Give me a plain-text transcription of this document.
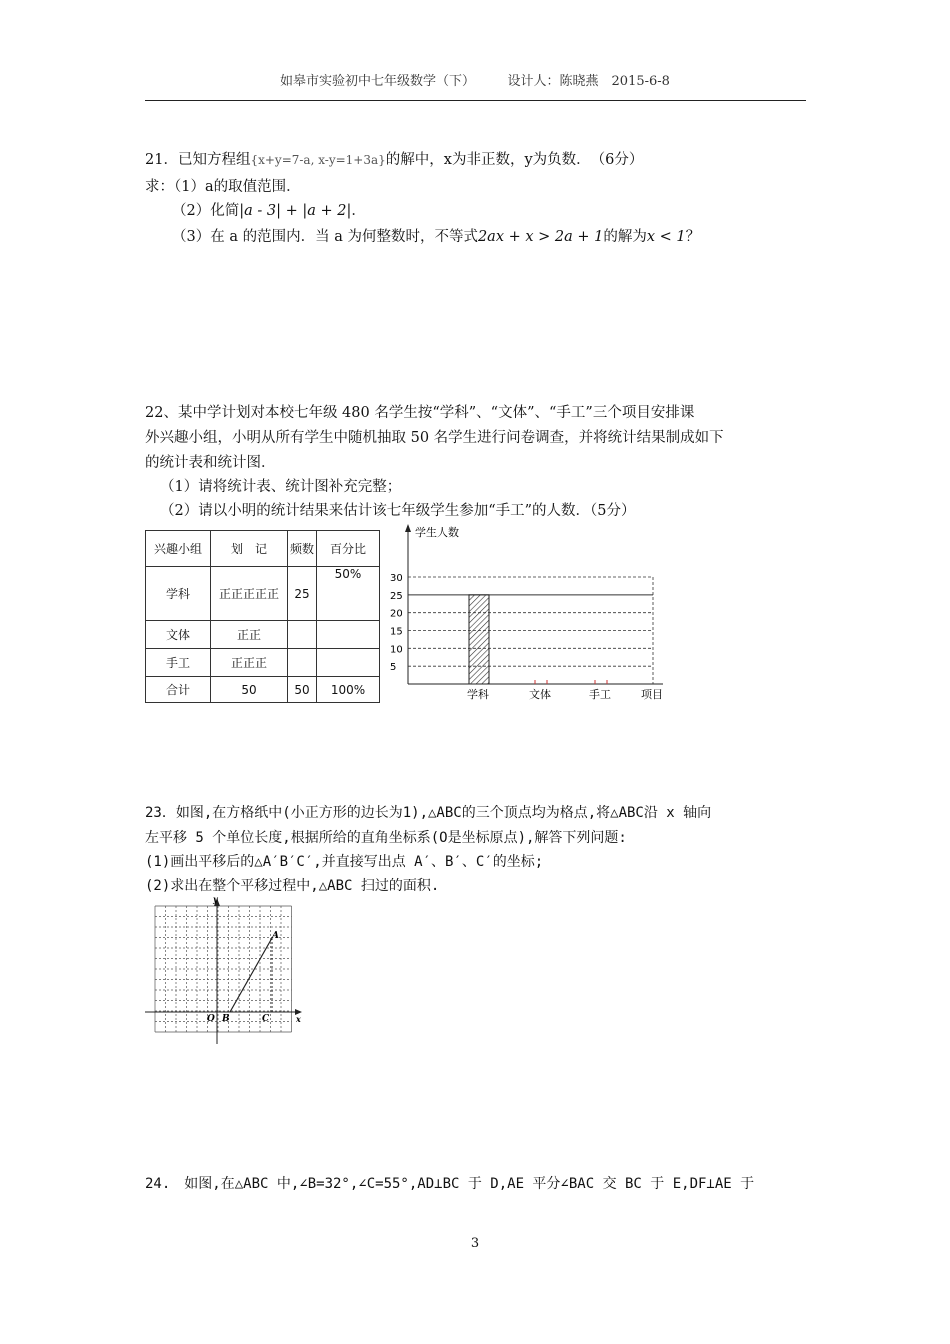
如皋市实验初中七年级数学（下）　　　设计人：陈晓燕　2015-6-8
21．已知方程组{x+y=7-a, x-y=1+3a}的解中，x为非正数，y为负数．　（6分）
求：（1）a的取值范围．
（2）化简|a - 3| + |a + 2|．
（3）在 a 的范围内．当 a 为何整数时，不等式2ax + x > 2a + 1的解为x < 1？
22、某中学计划对本校七年级 480 名学生按“学科”、“文体”、“手工”三个项目安排课
外兴趣小组，小明从所有学生中随机抽取 50 名学生进行问卷调查，并将统计结果制成如下
的统计表和统计图．
（1）请将统计表、统计图补充完整；
（2）请以小明的统计结果来估计该七年级学生参加“手工”的人数．（5分）
兴趣小组	划　记	频数	百分比
学科	正正正正正	25	50%
文体	正正		
手工	正正正		
合计	50	50	100%
学生人数
5
10
15
20
25
30
学科	文体	手工	项目
23．如图,在方格纸中(小正方形的边长为1),△ABC的三个顶点均为格点,将△ABC沿 x 轴向
左平移 5 个单位长度,根据所给的直角坐标系(O是坐标原点),解答下列问题:
(1)画出平移后的△A′B′C′,并直接写出点 A′、B′、C′的坐标;
(2)求出在整个平移过程中,△ABC 扫过的面积.
y
x
O B	C
A
24.　如图,在△ABC 中,∠B=32°,∠C=55°,AD⊥BC 于 D,AE 平分∠BAC 交 BC 于 E,DF⊥AE 于
3
